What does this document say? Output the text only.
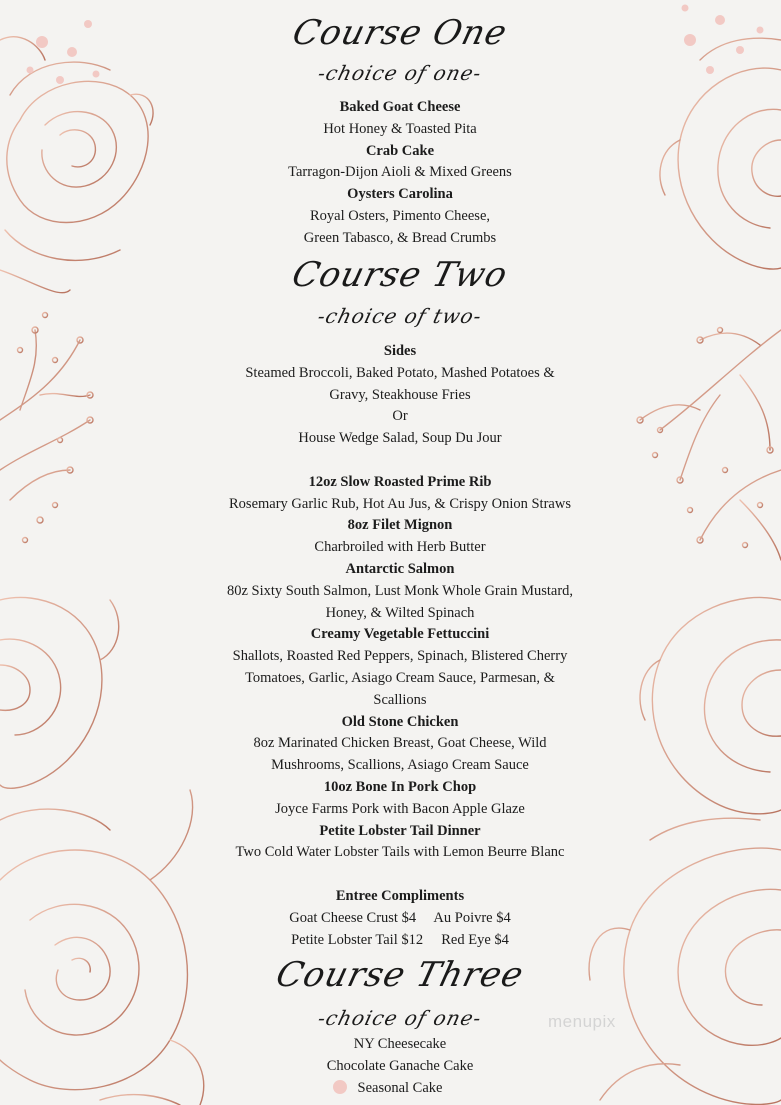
Course One
-choice of one-
Baked Goat Cheese
Hot Honey & Toasted Pita
Crab Cake
Tarragon-Dijon Aioli & Mixed Greens
Oysters Carolina
Royal Osters, Pimento Cheese,
Green Tabasco, & Bread Crumbs
Course Two
-choice of two-
Sides
Steamed Broccoli, Baked Potato, Mashed Potatoes &
Gravy, Steakhouse Fries
Or
House Wedge Salad, Soup Du Jour

12oz Slow Roasted Prime Rib
Rosemary Garlic Rub, Hot Au Jus, & Crispy Onion Straws
8oz Filet Mignon
Charbroiled with Herb Butter
Antarctic Salmon
80z Sixty South Salmon, Lust Monk Whole Grain Mustard,
Honey, & Wilted Spinach
Creamy Vegetable Fettuccini
Shallots, Roasted Red Peppers, Spinach, Blistered Cherry
Tomatoes, Garlic, Asiago Cream Sauce, Parmesan, &
Scallions
Old Stone Chicken
8oz Marinated Chicken Breast, Goat Cheese, Wild
Mushrooms, Scallions, Asiago Cream Sauce
10oz Bone In Pork Chop
Joyce Farms Pork with Bacon Apple Glaze
Petite Lobster Tail Dinner
Two Cold Water Lobster Tails with Lemon Beurre Blanc

Entree Compliments
Goat Cheese Crust $4     Au Poivre $4
Petite Lobster Tail $12     Red Eye $4
Course Three
-choice of one-
NY Cheesecake
Chocolate Ganache Cake
Seasonal Cake
menupix
